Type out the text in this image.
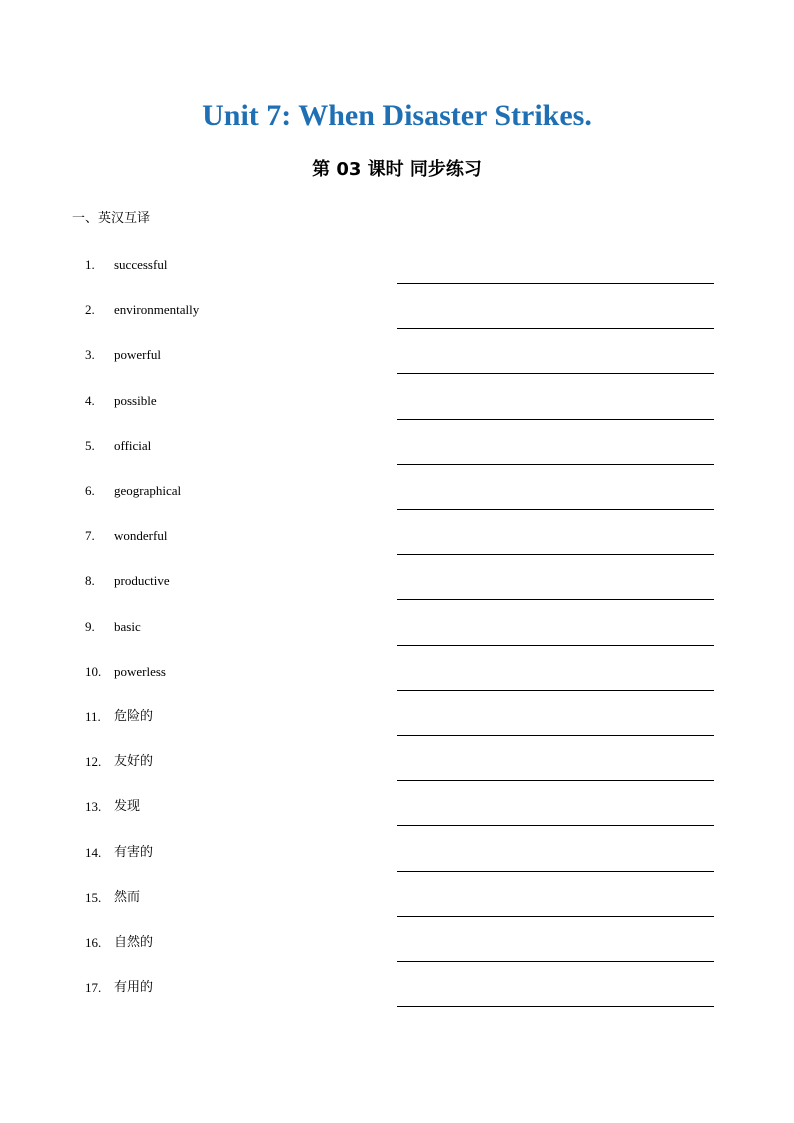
Unit 7: When Disaster Strikes.
第 03 课时 同步练习
一、英汉互译
1. successful
2. environmentally
3. powerful
4. possible
5. official
6. geographical
7. wonderful
8. productive
9. basic
10. powerless
11. 危险的
12. 友好的
13. 发现
14. 有害的
15. 然而
16. 自然的
17. 有用的
